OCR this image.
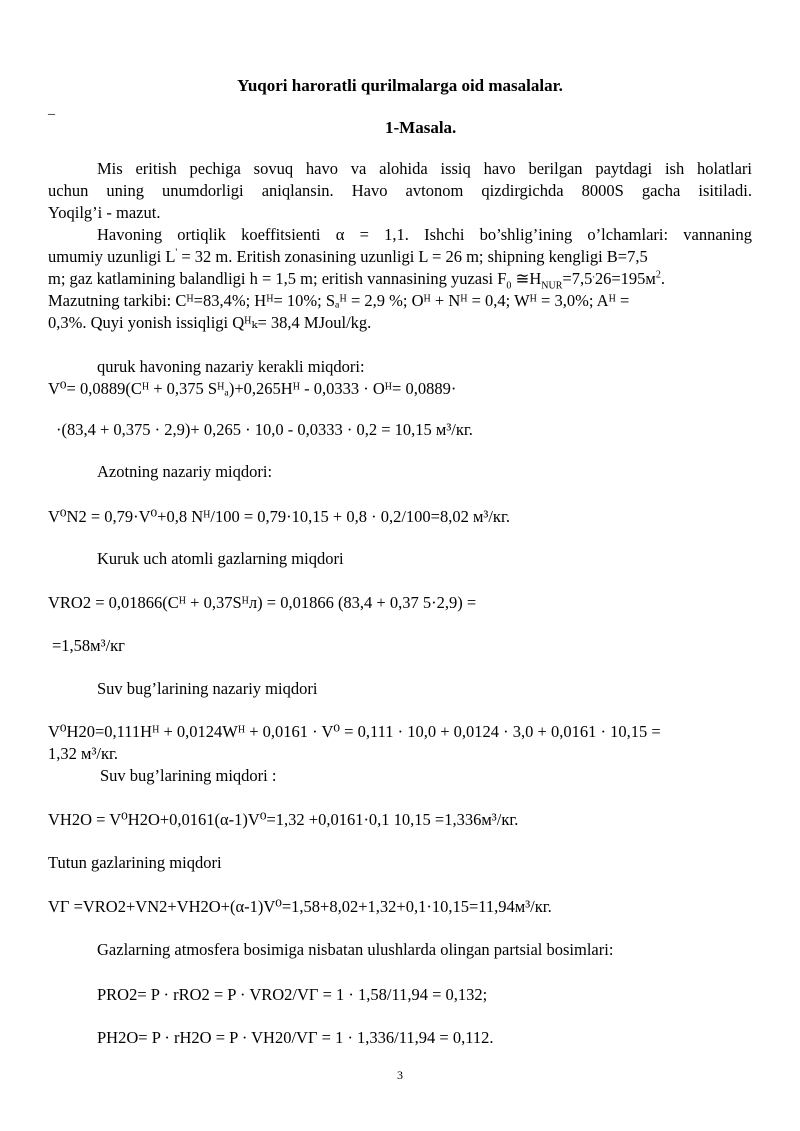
Yuqori haroratli qurilmalarga oid masalalar.
_
1-Masala.
Mis eritish pechiga sovuq havo va alohida issiq havo berilgan paytdagi ish holatlari
uchun uning unumdorligi aniqlansin. Havo avtonom qizdirgichda 8000S gacha isitiladi.
Yoqilg’i - mazut.
Havoning ortiqlik koeffitsienti α = 1,1. Ishchi bo’shlig’ining o’lchamlari: vannaning
umumiy uzunligi L' = 32 m. Eritish zonasining uzunligi L = 26 m; shipning kengligi B=7,5
m; gaz katlamining balandligi h = 1,5 m; eritish vannasining yuzasi $F_0$ $≅H_{NUR}=7,5^.26=195м^2$.
Mazutning tarkibi: Cᴴ=83,4%; Hᴴ= 10%; Sₐᴴ = 2,9 %; Oᴴ + Nᴴ = 0,4; Wᴴ = 3,0%; Aᴴ =
0,3%. Quyi yonish issiqligi Qᴴₖ= 38,4 MJoul/kg.
quruk havoning nazariy kerakli miqdori:
V⁰= 0,0889(Cᴴ + 0,375 Sᴴₐ)+0,265Hᴴ - 0,0333 · Oᴴ= 0,0889·
·(83,4 + 0,375 · 2,9)+ 0,265 · 10,0 - 0,0333 · 0,2 = 10,15 м³/кг.
Azotning nazariy miqdori:
V⁰N2 = 0,79·V⁰+0,8 Nᴴ/100 = 0,79·10,15 + 0,8 · 0,2/100=8,02 м³/кг.
Kuruk uch atomli gazlarning miqdori
VRO2 = 0,01866(Cᴴ + 0,37Sᴴл) = 0,01866 (83,4 + 0,37 5·2,9) =
=1,58м³/кг
Suv bug’larining nazariy miqdori
V⁰H20=0,111Hᴴ + 0,0124Wᴴ + 0,0161 · V⁰ = 0,111 · 10,0 + 0,0124 · 3,0 + 0,0161 · 10,15 =
1,32 м³/кг.
Suv bug’larining miqdori :
VH2O = V⁰H2O+0,0161(α-1)V⁰=1,32 +0,0161·0,1 10,15 =1,336м³/кг.
Tutun gazlarining miqdori
VГ =VRO2+VN2+VH2O+(α-1)V⁰=1,58+8,02+1,32+0,1·10,15=11,94м³/кг.
Gazlarning atmosfera bosimiga nisbatan ulushlarda olingan partsial bosimlari:
PRO2= P · rRO2 = P · VRO2/VГ = 1 · 1,58/11,94 = 0,132;
PH2O= P · rH2O = P · VH20/VГ = 1 · 1,336/11,94 = 0,112.
3
